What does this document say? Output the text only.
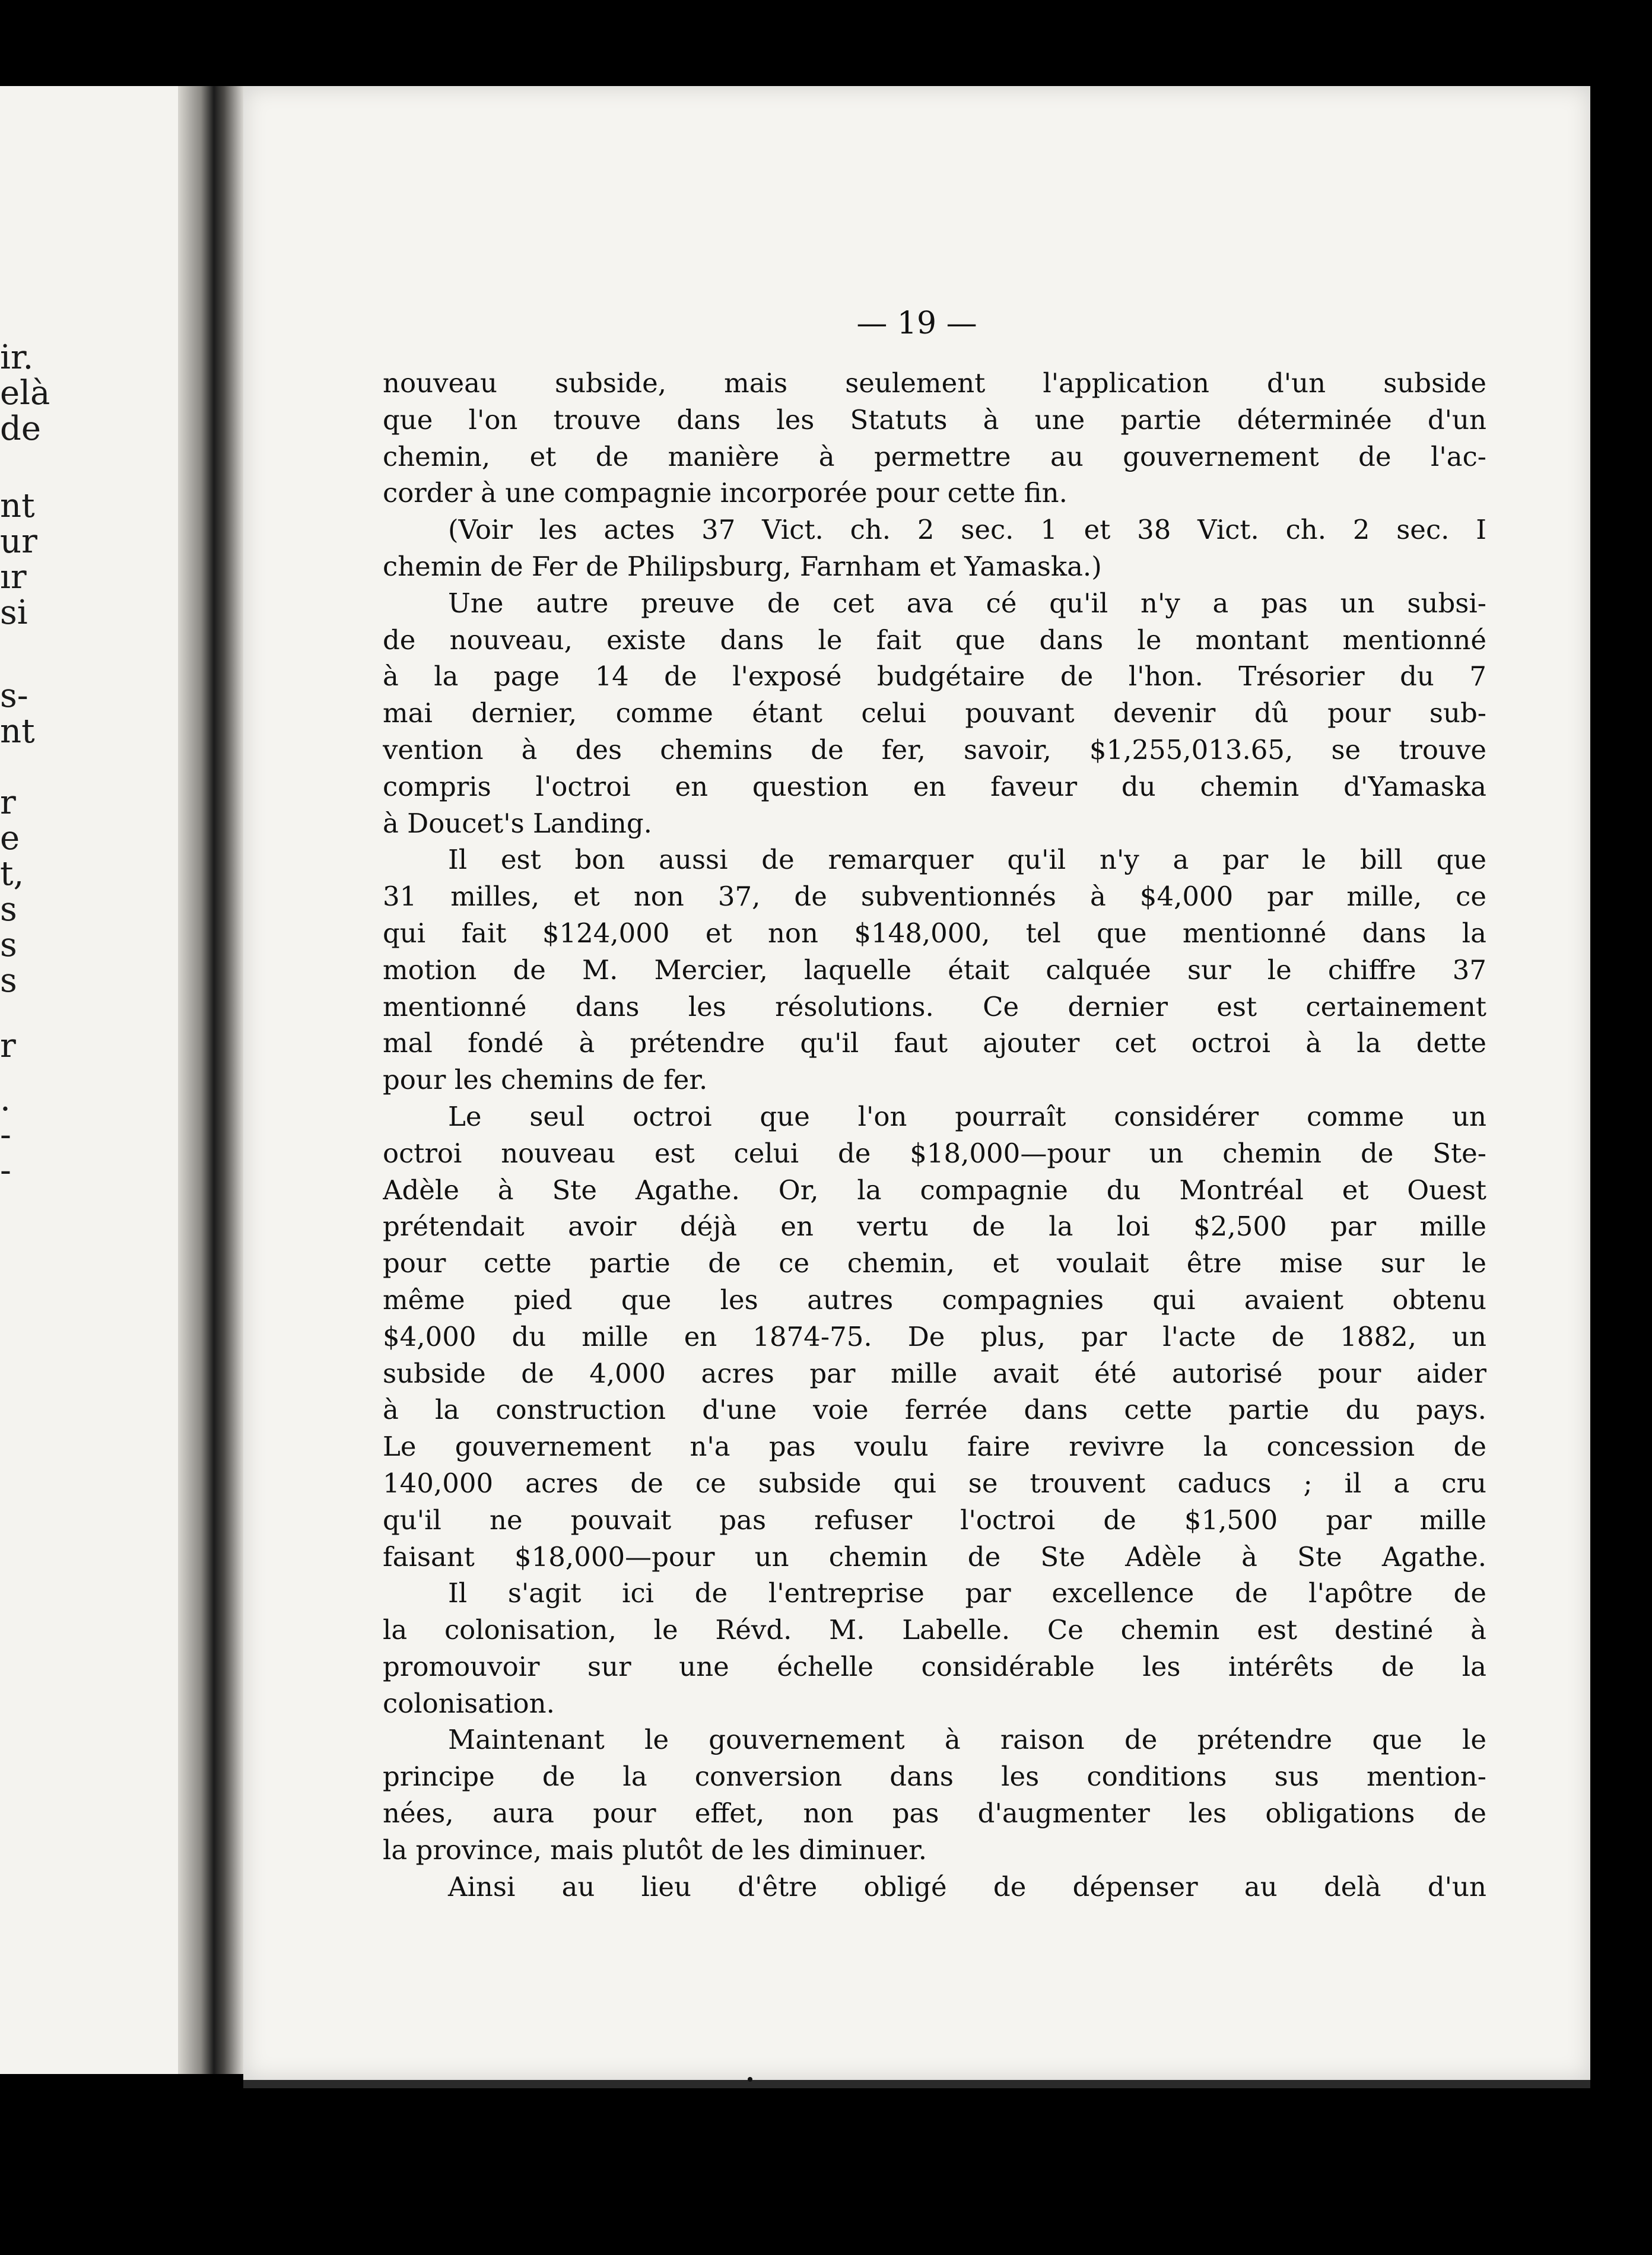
ir.
elà
de
nt
ur
ır
si
s-
nt
r
e
t,
s
s
s
r
.
-
-
— 19 —
nouveau subside, mais seulement l'application d'un subside
que l'on trouve dans les Statuts à une partie déterminée d'un
chemin, et de manière à permettre au gouvernement de l'ac-
corder à une compagnie incorporée pour cette fin.
(Voir les actes 37 Vict. ch. 2 sec. 1 et 38 Vict. ch. 2 sec. I
chemin de Fer de Philipsburg, Farnham et Yamaska.)
Une autre preuve de cet ava cé qu'il n'y a pas un subsi-
de nouveau, existe dans le fait que dans le montant mentionné
à la page 14 de l'exposé budgétaire de l'hon. Trésorier du 7
mai dernier, comme étant celui pouvant devenir dû pour sub-
vention à des chemins de fer, savoir, $1,255,013.65, se trouve
compris l'octroi en question en faveur du chemin d'Yamaska
à Doucet's Landing.
Il est bon aussi de remarquer qu'il n'y a par le bill que
31 milles, et non 37, de subventionnés à $4,000 par mille, ce
qui fait $124,000 et non $148,000, tel que mentionné dans la
motion de M. Mercier, laquelle était calquée sur le chiffre 37
mentionné dans les résolutions. Ce dernier est certainement
mal fondé à prétendre qu'il faut ajouter cet octroi à la dette
pour les chemins de fer.
Le seul octroi que l'on pourraît considérer comme un
octroi nouveau est celui de $18,000—pour un chemin de Ste-
Adèle à Ste Agathe. Or, la compagnie du Montréal et Ouest
prétendait avoir déjà en vertu de la loi $2,500 par mille
pour cette partie de ce chemin, et voulait être mise sur le
même pied que les autres compagnies qui avaient obtenu
$4,000 du mille en 1874-75. De plus, par l'acte de 1882, un
subside de 4,000 acres par mille avait été autorisé pour aider
à la construction d'une voie ferrée dans cette partie du pays.
Le gouvernement n'a pas voulu faire revivre la concession de
140,000 acres de ce subside qui se trouvent caducs ; il a cru
qu'il ne pouvait pas refuser l'octroi de $1,500 par mille
faisant $18,000—pour un chemin de Ste Adèle à Ste Agathe.
Il s'agit ici de l'entreprise par excellence de l'apôtre de
la colonisation, le Révd. M. Labelle. Ce chemin est destiné à
promouvoir sur une échelle considérable les intérêts de la
colonisation.
Maintenant le gouvernement à raison de prétendre que le
principe de la conversion dans les conditions sus mention-
nées, aura pour effet, non pas d'augmenter les obligations de
la province, mais plutôt de les diminuer.
Ainsi au lieu d'être obligé de dépenser au delà d'un
